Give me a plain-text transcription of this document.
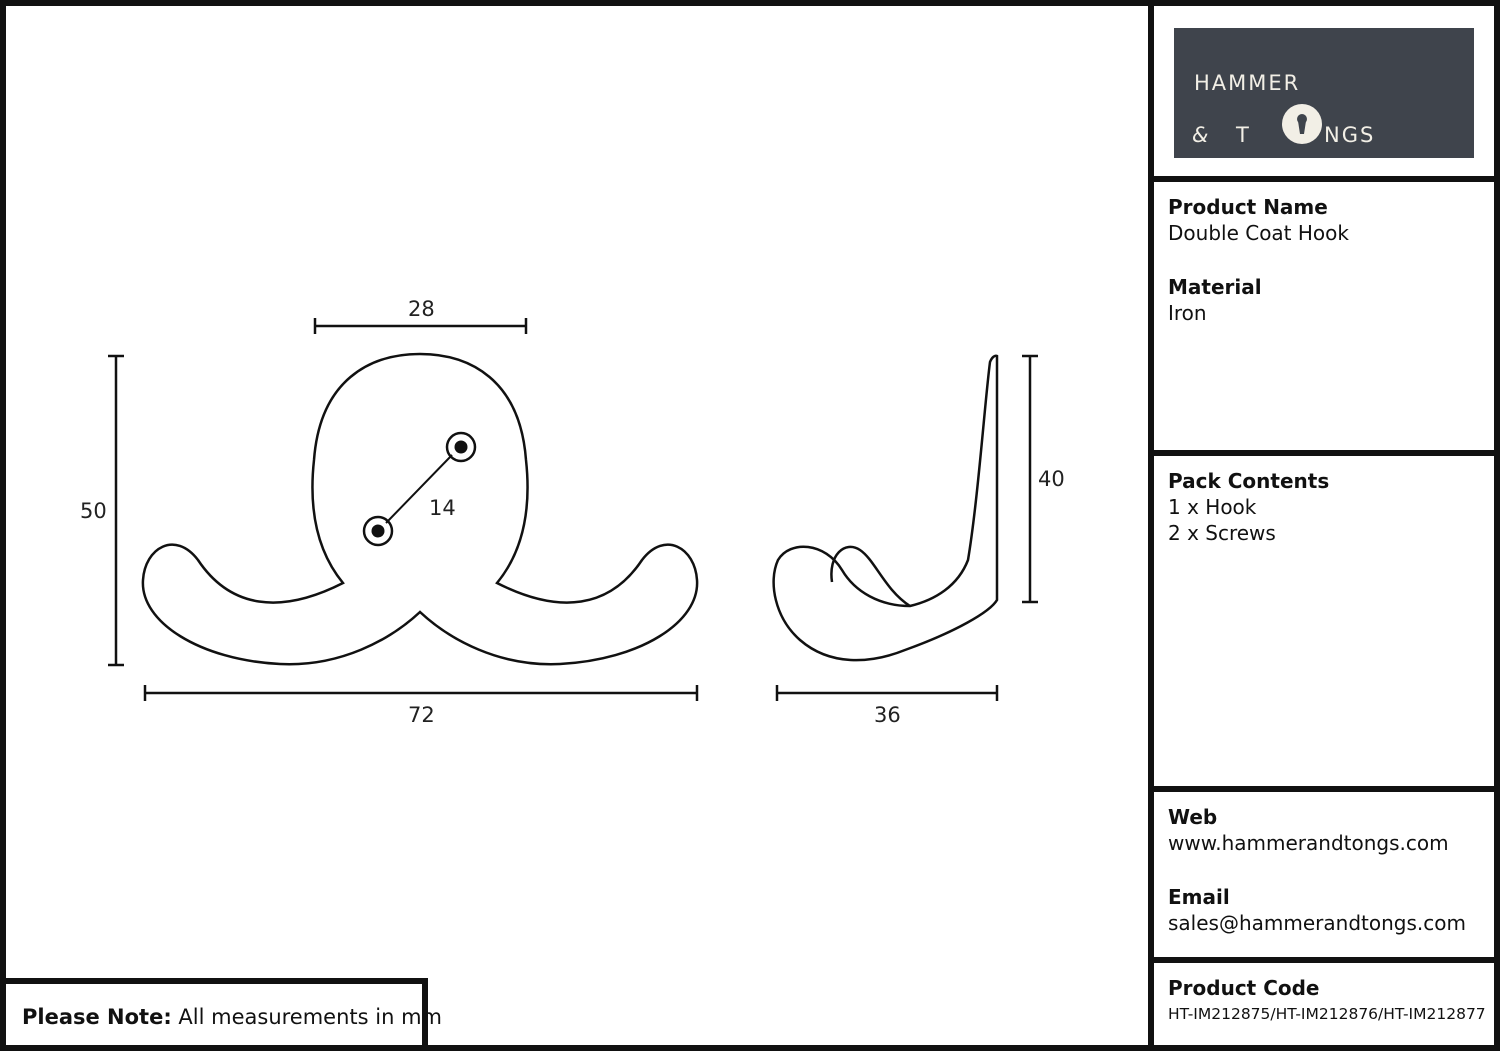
14
28
50
72
40
36
Please Note: All measurements in mm
HAMMER
& T	NGS
Product Name
Double Coat Hook
Material
Iron
Pack Contents
1 x Hook
2 x Screws
Web
www.hammerandtongs.com
Email
sales@hammerandtongs.com
Product Code
HT-IM212875/HT-IM212876/HT-IM212877
